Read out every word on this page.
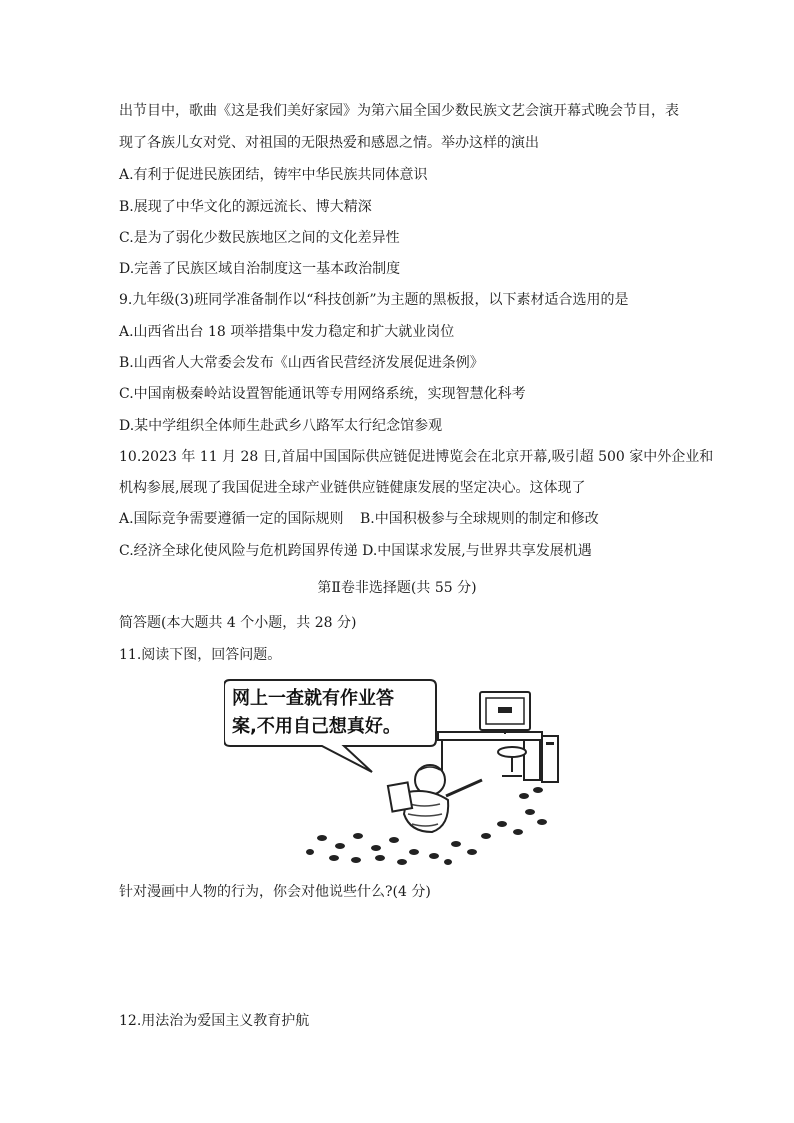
出节目中，歌曲《这是我们美好家园》为第六届全国少数民族文艺会演开幕式晚会节目，表
现了各族儿女对党、对祖国的无限热爱和感恩之情。举办这样的演出
A.有利于促进民族团结，铸牢中华民族共同体意识
B.展现了中华文化的源远流长、博大精深
C.是为了弱化少数民族地区之间的文化差异性
D.完善了民族区域自治制度这一基本政治制度
9.九年级(3)班同学准备制作以“科技创新”为主题的黑板报，以下素材适合选用的是
A.山西省出台 18 项举措集中发力稳定和扩大就业岗位
B.山西省人大常委会发布《山西省民营经济发展促进条例》
C.中国南极秦岭站设置智能通讯等专用网络系统，实现智慧化科考
D.某中学组织全体师生赴武乡八路军太行纪念馆参观
10.2023 年 11 月 28 日,首届中国国际供应链促进博览会在北京开幕,吸引超 500 家中外企业和
机构参展,展现了我国促进全球产业链供应链健康发展的坚定决心。这体现了
A.国际竞争需要遵循一定的国际规则 B.中国积极参与全球规则的制定和修改
C.经济全球化使风险与危机跨国界传递 D.中国谋求发展,与世界共享发展机遇
第Ⅱ卷非选择题(共 55 分)
简答题(本大题共 4 个小题，共 28 分)
11.阅读下图，回答问题。
网上一查就有作业答
案,不用自己想真好。
针对漫画中人物的行为，你会对他说些什么?(4 分)
12.用法治为爱国主义教育护航
